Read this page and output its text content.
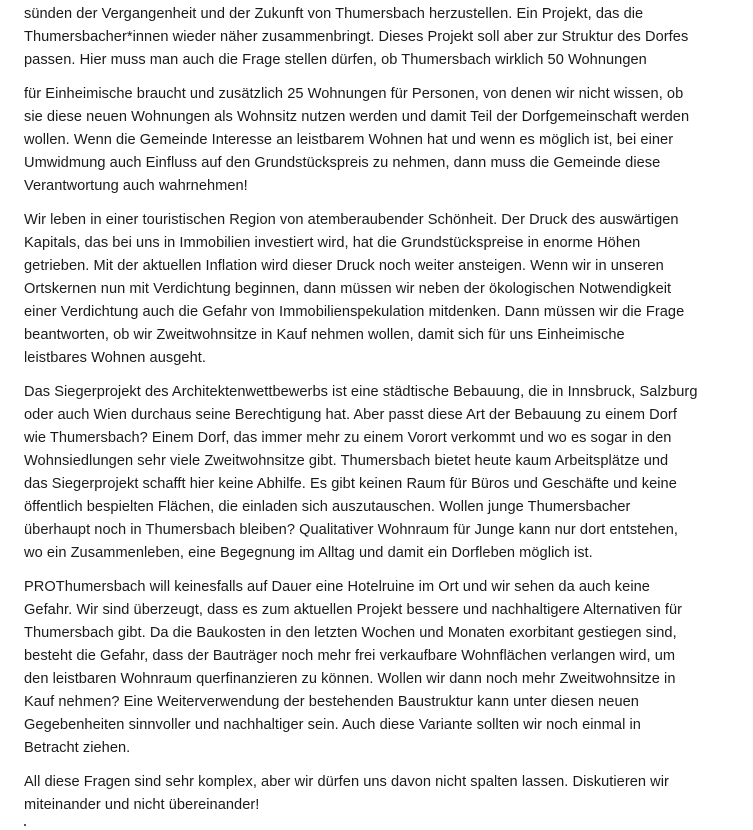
sünden der Vergangenheit und der Zukunft von Thumersbach herzustellen. Ein Projekt, das die
Thumersbacher*innen wieder näher zusammenbringt. Dieses Projekt soll aber zur Struktur des Dorfes
passen. Hier muss man auch die Frage stellen dürfen, ob Thumersbach wirklich 50 Wohnungen

für Einheimische braucht und zusätzlich 25 Wohnungen für Personen, von denen wir nicht wissen, ob
sie diese neuen Wohnungen als Wohnsitz nutzen werden und damit Teil der Dorfgemeinschaft werden
wollen. Wenn die Gemeinde Interesse an leistbarem Wohnen hat und wenn es möglich ist, bei einer
Umwidmung auch Einfluss auf den Grundstückspreis zu nehmen, dann muss die Gemeinde diese
Verantwortung auch wahrnehmen!

Wir leben in einer touristischen Region von atemberaubender Schönheit. Der Druck des auswärtigen
Kapitals, das bei uns in Immobilien investiert wird, hat die Grundstückspreise in enorme Höhen
getrieben. Mit der aktuellen Inflation wird dieser Druck noch weiter ansteigen. Wenn wir in unseren
Ortskernen nun mit Verdichtung beginnen, dann müssen wir neben der ökologischen Notwendigkeit
einer Verdichtung auch die Gefahr von Immobilienspekulation mitdenken. Dann müssen wir die Frage
beantworten, ob wir Zweitwohnsitze in Kauf nehmen wollen, damit sich für uns Einheimische
leistbares Wohnen ausgeht.

Das Siegerprojekt des Architektenwettbewerbs ist eine städtische Bebauung, die in Innsbruck, Salzburg
oder auch Wien durchaus seine Berechtigung hat. Aber passt diese Art der Bebauung zu einem Dorf
wie Thumersbach? Einem Dorf, das immer mehr zu einem Vorort verkommt und wo es sogar in den
Wohnsiedlungen sehr viele Zweitwohnsitze gibt. Thumersbach bietet heute kaum Arbeitsplätze und
das Siegerprojekt schafft hier keine Abhilfe. Es gibt keinen Raum für Büros und Geschäfte und keine
öffentlich bespielten Flächen, die einladen sich auszutauschen. Wollen junge Thumersbacher
überhaupt noch in Thumersbach bleiben? Qualitativer Wohnraum für Junge kann nur dort entstehen,
wo ein Zusammenleben, eine Begegnung im Alltag und damit ein Dorfleben möglich ist.

PROThumersbach will keinesfalls auf Dauer eine Hotelruine im Ort und wir sehen da auch keine
Gefahr. Wir sind überzeugt, dass es zum aktuellen Projekt bessere und nachhaltigere Alternativen für
Thumersbach gibt. Da die Baukosten in den letzten Wochen und Monaten exorbitant gestiegen sind,
besteht die Gefahr, dass der Bauträger noch mehr frei verkaufbare Wohnflächen verlangen wird, um
den leistbaren Wohnraum querfinanzieren zu können. Wollen wir dann noch mehr Zweitwohnsitze in
Kauf nehmen? Eine Weiterverwendung der bestehenden Baustruktur kann unter diesen neuen
Gegebenheiten sinnvoller und nachhaltiger sein. Auch diese Variante sollten wir noch einmal in
Betracht ziehen.

All diese Fragen sind sehr komplex, aber wir dürfen uns davon nicht spalten lassen. Diskutieren wir
miteinander und nicht übereinander!
